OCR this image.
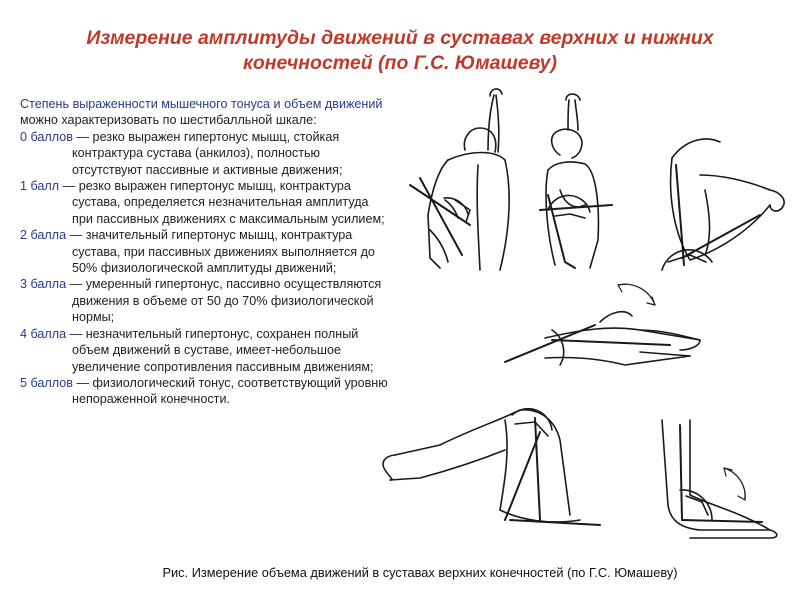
Измерение амплитуды движений в суставах верхних и нижних конечностей (по Г.С. Юмашеву)

Степень выраженности мышечного тонуса и объем движений можно характеризовать по шестибалльной шкале:

0 баллов — резко выражен гипертонус мышц, стойкая контрактура сустава (анкилоз), полностью отсутствуют пассивные и активные движения;

1 балл — резко выражен гипертонус мышц, контрактура сустава, определяется незначительная амплитуда при пассивных движениях с максимальным усилием;

2 балла — значительный гипертонус мышц, контрактура сустава, при пассивных движениях выполняется до 50% физиологической амплитуды движений;

3 балла — умеренный гипертонус, пассивно осуществляются движения в объеме от 50 до 70% физиологической нормы;

4 балла — незначительный гипертонус, сохранен полный объем движений в суставе, имеет-небольшое увеличение сопротивления пассивным движениям;

5 баллов — физиологический тонус, соответствующий уровню непораженной конечности.

Рис. Измерение объема движений в суставах верхних конечностей (по Г.С. Юмашеву)
